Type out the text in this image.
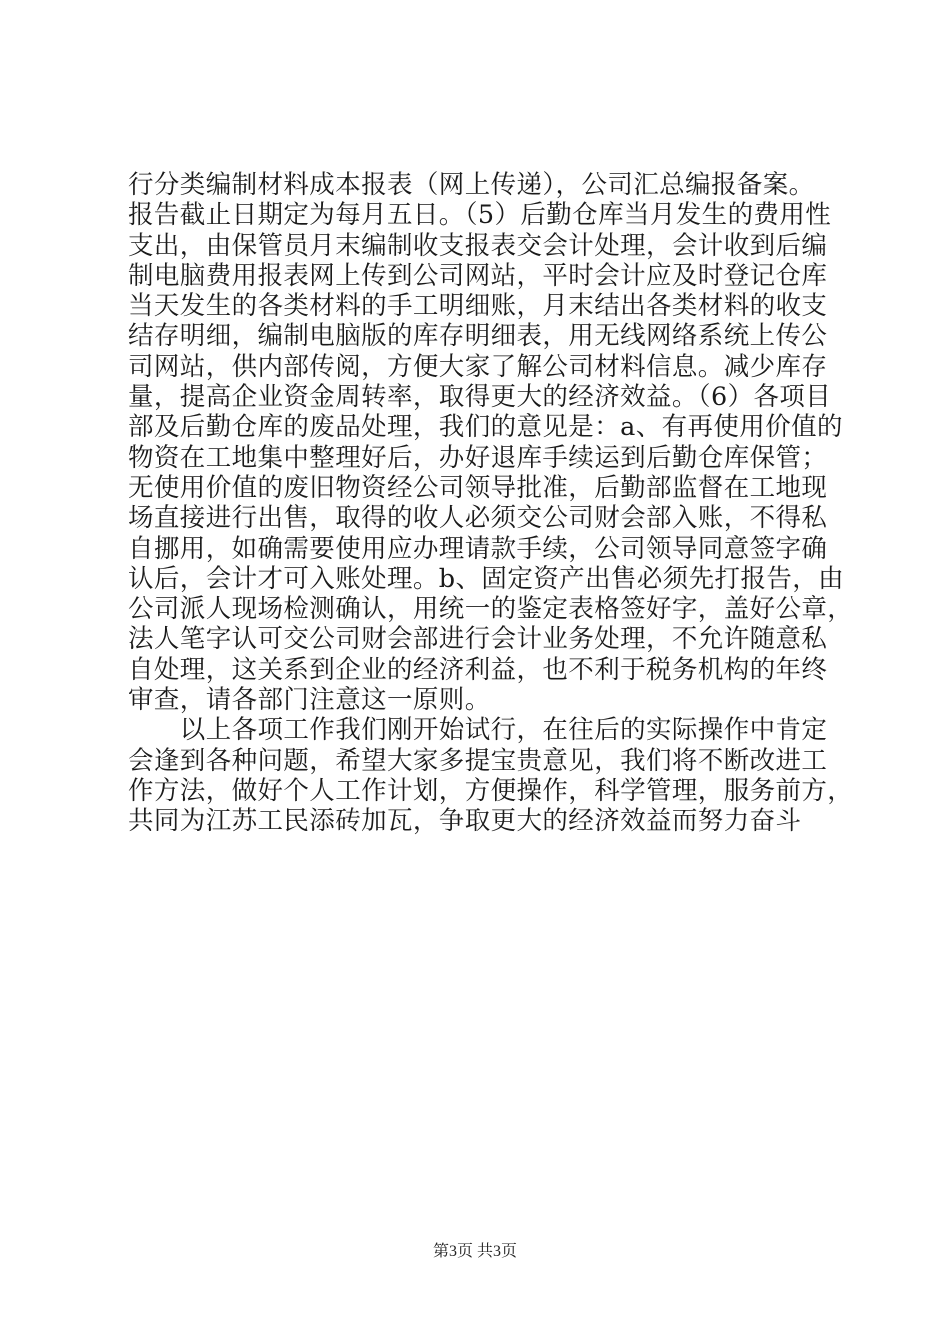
行分类编制材料成本报表（网上传递），公司汇总编报备案。
报告截止日期定为每月五日。（5）后勤仓库当月发生的费用性
支出，由保管员月末编制收支报表交会计处理，会计收到后编
制电脑费用报表网上传到公司网站，平时会计应及时登记仓库
当天发生的各类材料的手工明细账，月末结出各类材料的收支
结存明细，编制电脑版的库存明细表，用无线网络系统上传公
司网站，供内部传阅，方便大家了解公司材料信息。减少库存
量，提高企业资金周转率，取得更大的经济效益。（6）各项目
部及后勤仓库的废品处理，我们的意见是：a、有再使用价值的
物资在工地集中整理好后，办好退库手续运到后勤仓库保管；
无使用价值的废旧物资经公司领导批准，后勤部监督在工地现
场直接进行出售，取得的收人必须交公司财会部入账，不得私
自挪用，如确需要使用应办理请款手续，公司领导同意签字确
认后，会计才可入账处理。b、固定资产出售必须先打报告，由
公司派人现场检测确认，用统一的鉴定表格签好字，盖好公章，
法人笔字认可交公司财会部进行会计业务处理，不允许随意私
自处理，这关系到企业的经济利益，也不利于税务机构的年终
审查，请各部门注意这一原则。
　　以上各项工作我们刚开始试行，在往后的实际操作中肯定
会逢到各种问题，希望大家多提宝贵意见，我们将不断改进工
作方法，做好个人工作计划，方便操作，科学管理，服务前方，
共同为江苏工民添砖加瓦，争取更大的经济效益而努力奋斗
第3页 共3页
